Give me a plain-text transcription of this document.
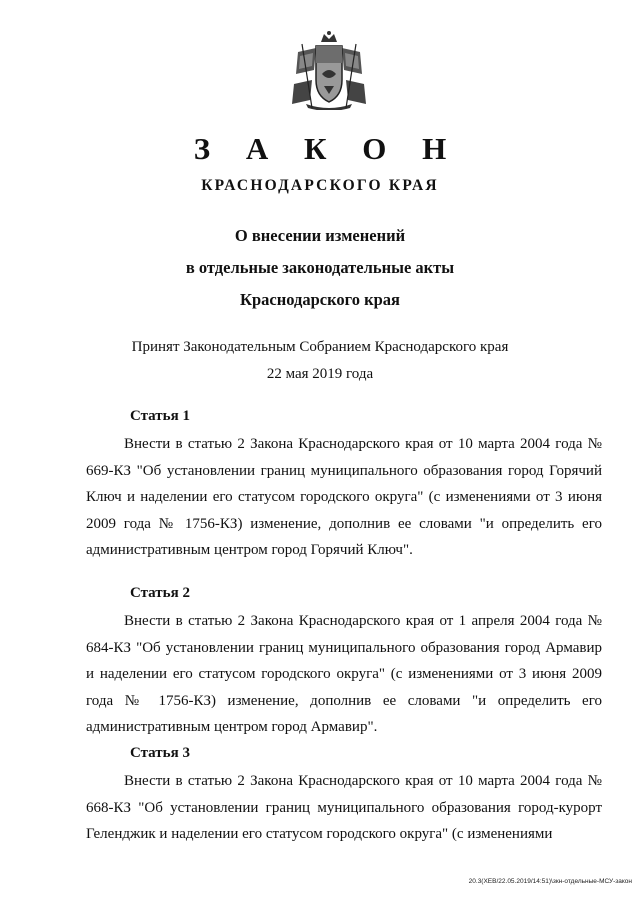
З А К О Н
КРАСНОДАРСКОГО КРАЯ
О внесении изменений
в отдельные законодательные акты
Краснодарского края
Принят Законодательным Собранием Краснодарского края
22 мая 2019 года
Статья 1

Внести в статью 2 Закона Краснодарского края от 10 марта 2004 года № 669-КЗ "Об установлении границ муниципального образования город Горячий Ключ и наделении его статусом городского округа" (с изменениями от 3 июня 2009 года № 1756-КЗ) изменение, дополнив ее словами "и определить его административным центром город Горячий Ключ".

Статья 2

Внести в статью 2 Закона Краснодарского края от 1 апреля 2004 года № 684-КЗ "Об установлении границ муниципального образования город Армавир и наделении его статусом городского округа" (с изменениями от 3 июня 2009 года № 1756-КЗ) изменение, дополнив ее словами "и определить его административным центром город Армавир".

Статья 3

Внести в статью 2 Закона Краснодарского края от 10 марта 2004 года № 668-КЗ "Об установлении границ муниципального образования город-курорт Геленджик и наделении его статусом городского округа" (с изменениями

20.3(XEB/22.05.2019/14:51)\зкн-отдельные-МСУ-закон
